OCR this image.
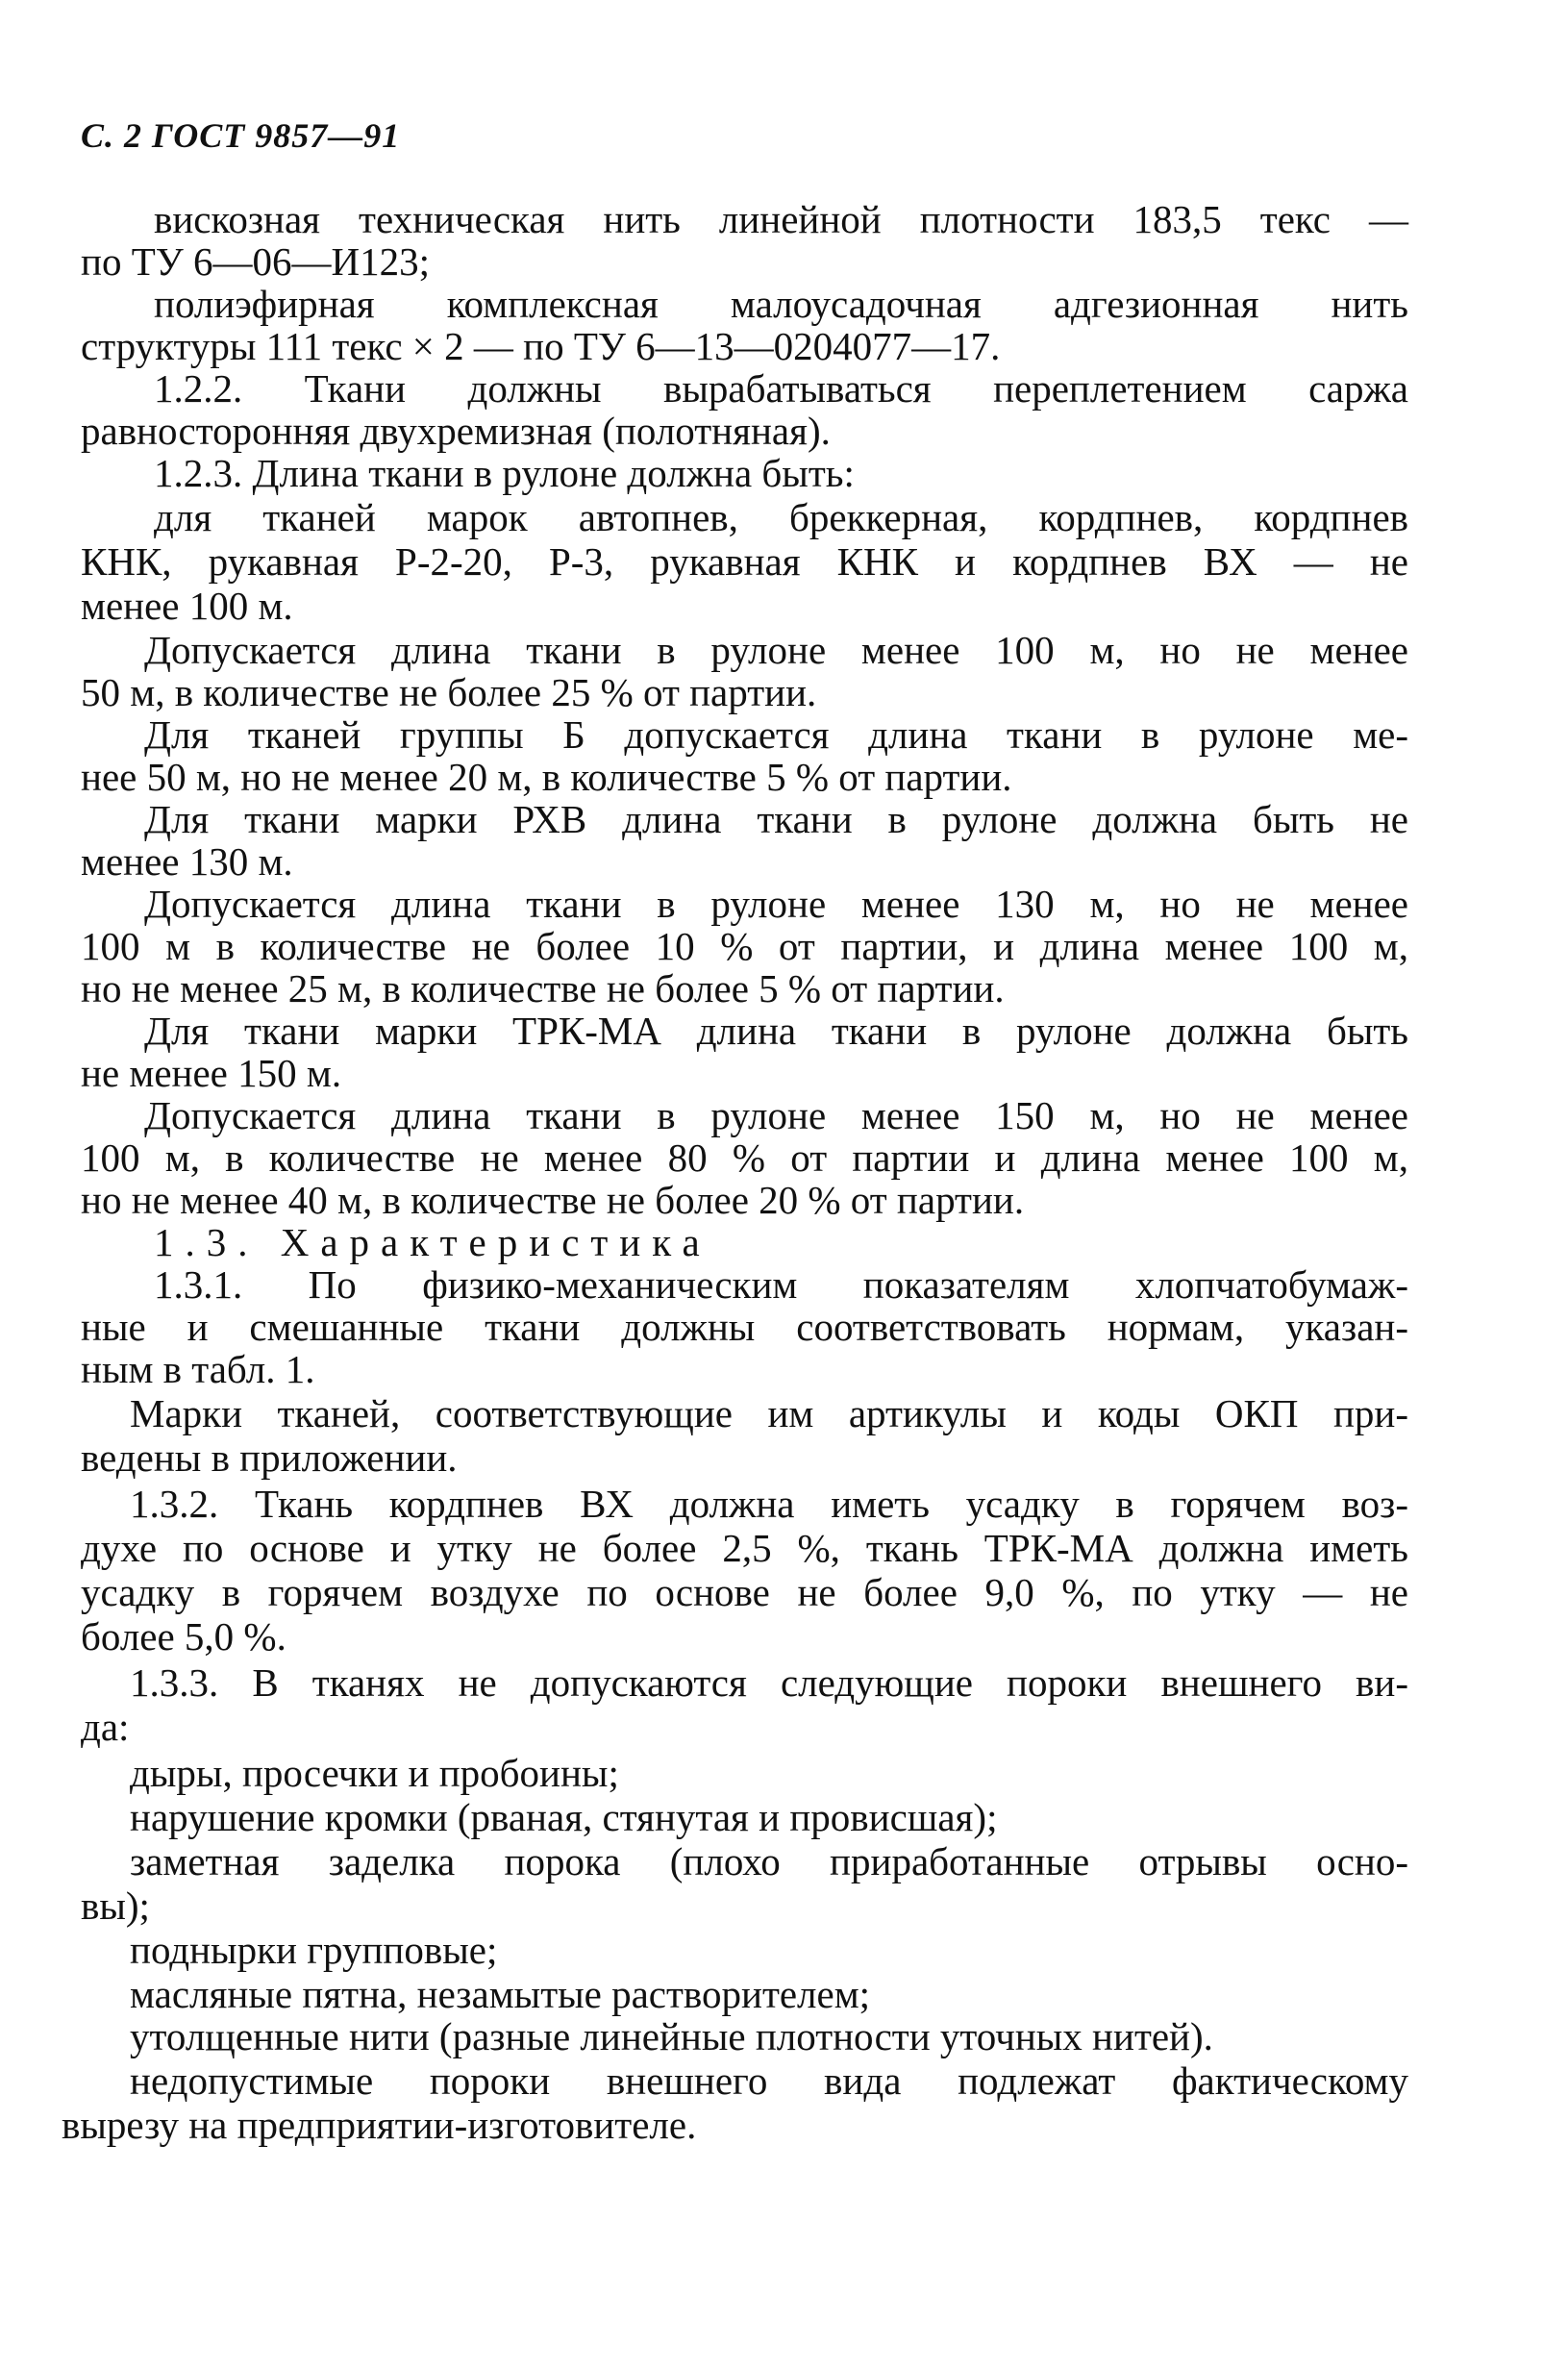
С. 2 ГОСТ 9857—91
вискозная техническая нить линейной плотности 183,5 текс —
по ТУ 6—06—И123;
полиэфирная комплексная малоусадочная адгезионная нить
структуры 111 текс × 2 — по ТУ 6—13—0204077—17.
1.2.2. Ткани должны вырабатываться переплетением саржа
равносторонняя двухремизная (полотняная).
1.2.3. Длина ткани в рулоне должна быть:
для тканей марок автопнев, бреккерная, кордпнев, кордпнев
КНК, рукавная Р-2-20, Р-3, рукавная КНК и кордпнев ВХ — не
менее 100 м.
Допускается длина ткани в рулоне менее 100 м, но не менее
50 м, в количестве не более 25 % от партии.
Для тканей группы Б допускается длина ткани в рулоне ме-
нее 50 м, но не менее 20 м, в количестве 5 % от партии.
Для ткани марки РХВ длина ткани в рулоне должна быть не
менее 130 м.
Допускается длина ткани в рулоне менее 130 м, но не менее
100 м в количестве не более 10 % от партии, и длина менее 100 м,
но не менее 25 м, в количестве не более 5 % от партии.
Для ткани марки ТРК-МА длина ткани в рулоне должна быть
не менее 150 м.
Допускается длина ткани в рулоне менее 150 м, но не менее
100 м, в количестве не менее 80 % от партии и длина менее 100 м,
но не менее 40 м, в количестве не более 20 % от партии.
1.3. Характеристика
1.3.1. По физико-механическим показателям хлопчатобумаж-
ные и смешанные ткани должны соответствовать нормам, указан-
ным в табл. 1.
Марки тканей, соответствующие им артикулы и коды ОКП при-
ведены в приложении.
1.3.2. Ткань кордпнев ВХ должна иметь усадку в горячем воз-
духе по основе и утку не более 2,5 %, ткань ТРК-МА должна иметь
усадку в горячем воздухе по основе не более 9,0 %, по утку — не
более 5,0 %.
1.3.3. В тканях не допускаются следующие пороки внешнего ви-
да:
дыры, просечки и пробоины;
нарушение кромки (рваная, стянутая и провисшая);
заметная заделка порока (плохо приработанные отрывы осно-
вы);
поднырки групповые;
масляные пятна, незамытые растворителем;
утолщенные нити (разные линейные плотности уточных нитей).
недопустимые пороки внешнего вида подлежат фактическому
вырезу на предприятии-изготовителе.
